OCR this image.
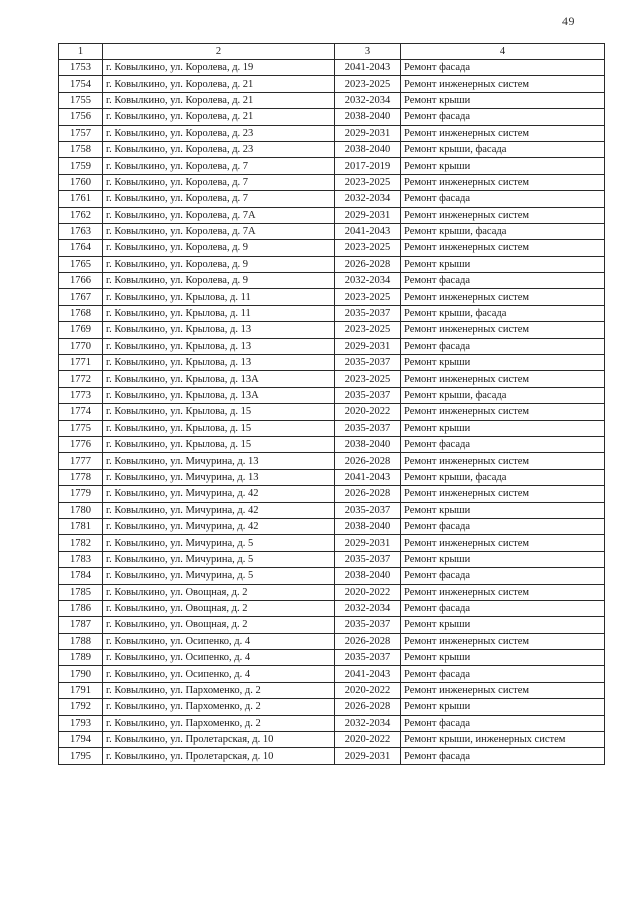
49
1	2	3	4
1753	г. Ковылкино, ул. Королева, д. 19	2041-2043	Ремонт фасада
1754	г. Ковылкино, ул. Королева, д. 21	2023-2025	Ремонт инженерных систем
1755	г. Ковылкино, ул. Королева, д. 21	2032-2034	Ремонт крыши
1756	г. Ковылкино, ул. Королева, д. 21	2038-2040	Ремонт фасада
1757	г. Ковылкино, ул. Королева, д. 23	2029-2031	Ремонт инженерных систем
1758	г. Ковылкино, ул. Королева, д. 23	2038-2040	Ремонт крыши, фасада
1759	г. Ковылкино, ул. Королева, д. 7	2017-2019	Ремонт крыши
1760	г. Ковылкино, ул. Королева, д. 7	2023-2025	Ремонт инженерных систем
1761	г. Ковылкино, ул. Королева, д. 7	2032-2034	Ремонт фасада
1762	г. Ковылкино, ул. Королева, д. 7А	2029-2031	Ремонт инженерных систем
1763	г. Ковылкино, ул. Королева, д. 7А	2041-2043	Ремонт крыши, фасада
1764	г. Ковылкино, ул. Королева, д. 9	2023-2025	Ремонт инженерных систем
1765	г. Ковылкино, ул. Королева, д. 9	2026-2028	Ремонт крыши
1766	г. Ковылкино, ул. Королева, д. 9	2032-2034	Ремонт фасада
1767	г. Ковылкино, ул. Крылова, д. 11	2023-2025	Ремонт инженерных систем
1768	г. Ковылкино, ул. Крылова, д. 11	2035-2037	Ремонт крыши, фасада
1769	г. Ковылкино, ул. Крылова, д. 13	2023-2025	Ремонт инженерных систем
1770	г. Ковылкино, ул. Крылова, д. 13	2029-2031	Ремонт фасада
1771	г. Ковылкино, ул. Крылова, д. 13	2035-2037	Ремонт крыши
1772	г. Ковылкино, ул. Крылова, д. 13А	2023-2025	Ремонт инженерных систем
1773	г. Ковылкино, ул. Крылова, д. 13А	2035-2037	Ремонт крыши, фасада
1774	г. Ковылкино, ул. Крылова, д. 15	2020-2022	Ремонт инженерных систем
1775	г. Ковылкино, ул. Крылова, д. 15	2035-2037	Ремонт крыши
1776	г. Ковылкино, ул. Крылова, д. 15	2038-2040	Ремонт фасада
1777	г. Ковылкино, ул. Мичурина, д. 13	2026-2028	Ремонт инженерных систем
1778	г. Ковылкино, ул. Мичурина, д. 13	2041-2043	Ремонт крыши, фасада
1779	г. Ковылкино, ул. Мичурина, д. 42	2026-2028	Ремонт инженерных систем
1780	г. Ковылкино, ул. Мичурина, д. 42	2035-2037	Ремонт крыши
1781	г. Ковылкино, ул. Мичурина, д. 42	2038-2040	Ремонт фасада
1782	г. Ковылкино, ул. Мичурина, д. 5	2029-2031	Ремонт инженерных систем
1783	г. Ковылкино, ул. Мичурина, д. 5	2035-2037	Ремонт крыши
1784	г. Ковылкино, ул. Мичурина, д. 5	2038-2040	Ремонт фасада
1785	г. Ковылкино, ул. Овощная, д. 2	2020-2022	Ремонт инженерных систем
1786	г. Ковылкино, ул. Овощная, д. 2	2032-2034	Ремонт фасада
1787	г. Ковылкино, ул. Овощная, д. 2	2035-2037	Ремонт крыши
1788	г. Ковылкино, ул. Осипенко, д. 4	2026-2028	Ремонт инженерных систем
1789	г. Ковылкино, ул. Осипенко, д. 4	2035-2037	Ремонт крыши
1790	г. Ковылкино, ул. Осипенко, д. 4	2041-2043	Ремонт фасада
1791	г. Ковылкино, ул. Пархоменко, д. 2	2020-2022	Ремонт инженерных систем
1792	г. Ковылкино, ул. Пархоменко, д. 2	2026-2028	Ремонт крыши
1793	г. Ковылкино, ул. Пархоменко, д. 2	2032-2034	Ремонт фасада
1794	г. Ковылкино, ул. Пролетарская, д. 10	2020-2022	Ремонт крыши, инженерных систем
1795	г. Ковылкино, ул. Пролетарская, д. 10	2029-2031	Ремонт фасада
